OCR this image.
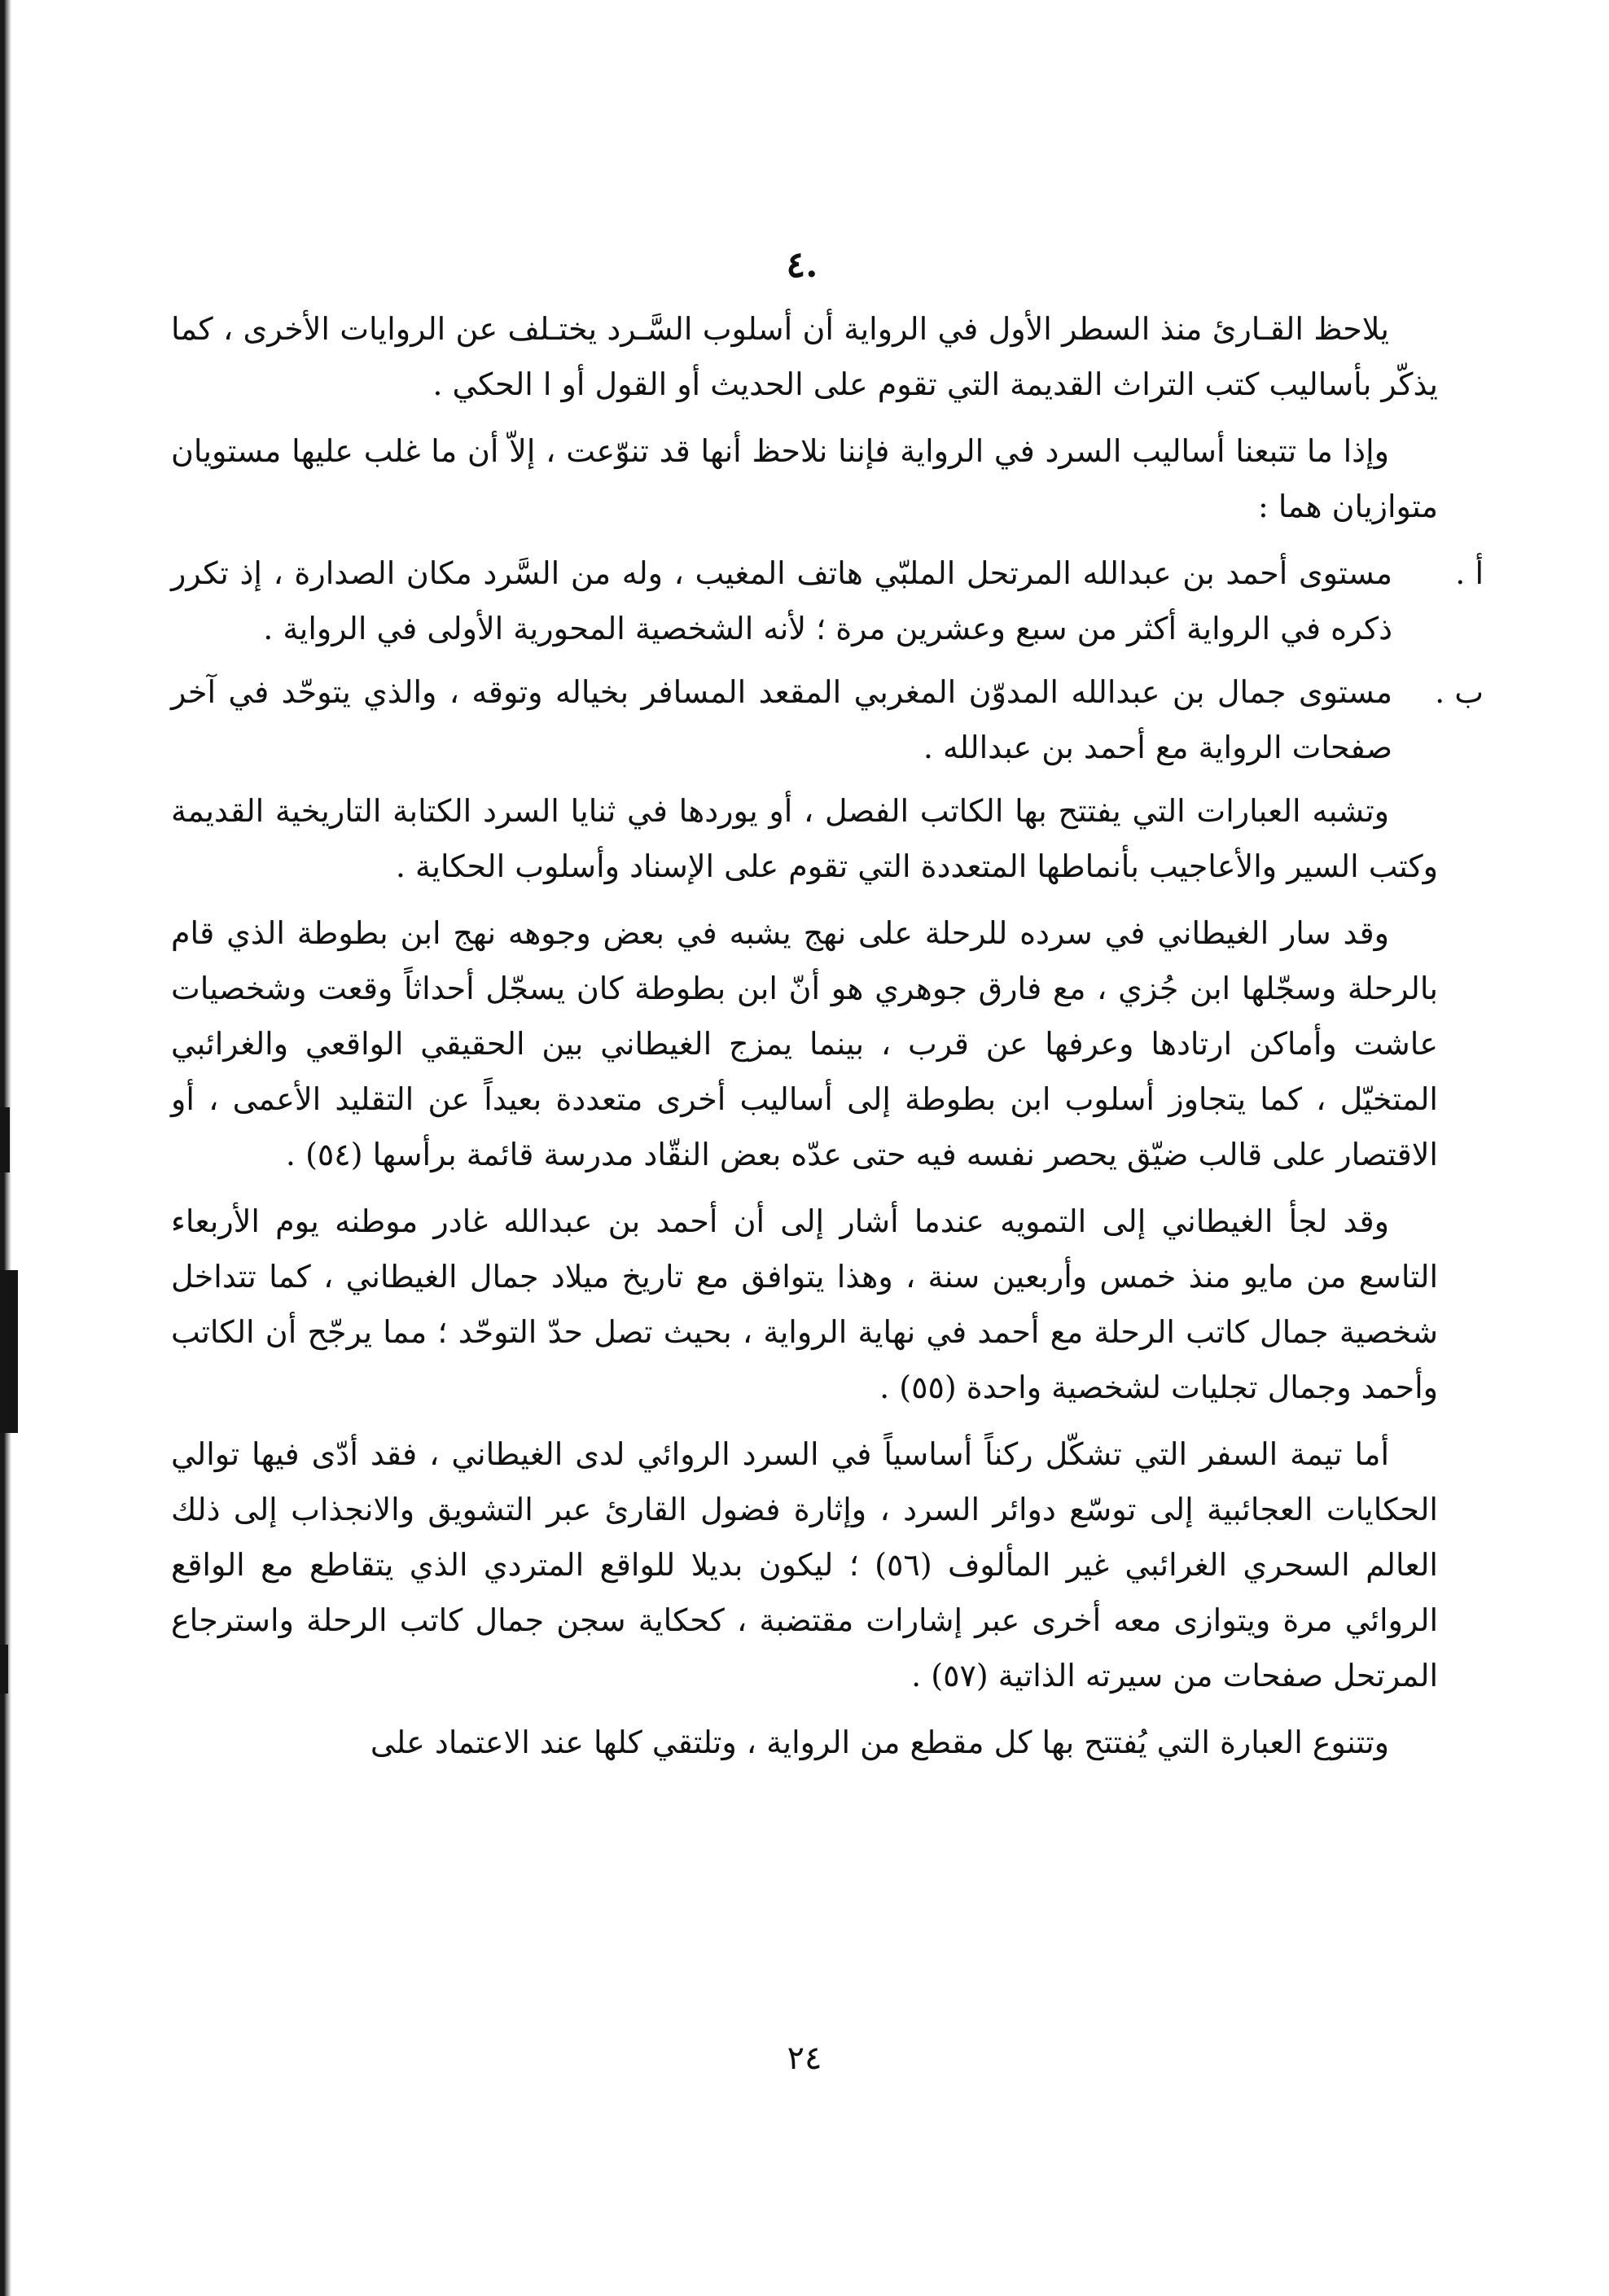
.٤

يلاحظ القـارئ منذ السطر الأول في الرواية أن أسلوب السَّـرد يختـلف عن الروايات الأخرى ، كما يذكّر بأساليب كتب التراث القديمة التي تقوم على الحديث أو القول أو ا الحكي .

وإذا ما تتبعنا أساليب السرد في الرواية فإننا نلاحظ أنها قد تنوّعت ، إلاّ أن ما غلب عليها مستويان متوازيان هما :

أ .مستوى أحمد بن عبدالله المرتحل الملبّي هاتف المغيب ، وله من السَّرد مكان الصدارة ، إذ تكرر ذكره في الرواية أكثر من سبع وعشرين مرة ؛ لأنه الشخصية المحورية الأولى في الرواية .
ب .مستوى جمال بن عبدالله المدوّن المغربي المقعد المسافر بخياله وتوقه ، والذي يتوحّد في آخر صفحات الرواية مع أحمد بن عبدالله .

وتشبه العبارات التي يفتتح بها الكاتب الفصل ، أو يوردها في ثنايا السرد الكتابة التاريخية القديمة وكتب السير والأعاجيب بأنماطها المتعددة التي تقوم على الإسناد وأسلوب الحكاية .

وقد سار الغيطاني في سرده للرحلة على نهج يشبه في بعض وجوهه نهج ابن بطوطة الذي قام بالرحلة وسجّلها ابن جُزي ، مع فارق جوهري هو أنّ ابن بطوطة كان يسجّل أحداثاً وقعت وشخصيات عاشت وأماكن ارتادها وعرفها عن قرب ، بينما يمزج الغيطاني بين الحقيقي الواقعي والغرائبي المتخيّل ، كما يتجاوز أسلوب ابن بطوطة إلى أساليب أخرى متعددة بعيداً عن التقليد الأعمى ، أو الاقتصار على قالب ضيّق يحصر نفسه فيه حتى عدّه بعض النقّاد مدرسة قائمة برأسها (٥٤) .

وقد لجأ الغيطاني إلى التمويه عندما أشار إلى أن أحمد بن عبدالله غادر موطنه يوم الأربعاء التاسع من مايو منذ خمس وأربعين سنة ، وهذا يتوافق مع تاريخ ميلاد جمال الغيطاني ، كما تتداخل شخصية جمال كاتب الرحلة مع أحمد في نهاية الرواية ، بحيث تصل حدّ التوحّد ؛ مما يرجّح أن الكاتب وأحمد وجمال تجليات لشخصية واحدة (٥٥) .

أما تيمة السفر التي تشكّل ركناً أساسياً في السرد الروائي لدى الغيطاني ، فقد أدّى فيها توالي الحكايات العجائبية إلى توسّع دوائر السرد ، وإثارة فضول القارئ عبر التشويق والانجذاب إلى ذلك العالم السحري الغرائبي غير المألوف (٥٦) ؛ ليكون بديلا للواقع المتردي الذي يتقاطع مع الواقع الروائي مرة ويتوازى معه أخرى عبر إشارات مقتضبة ، كحكاية سجن جمال كاتب الرحلة واسترجاع المرتحل صفحات من سيرته الذاتية (٥٧) .

وتتنوع العبارة التي يُفتتح بها كل مقطع من الرواية ، وتلتقي كلها عند الاعتماد على

٢٤
